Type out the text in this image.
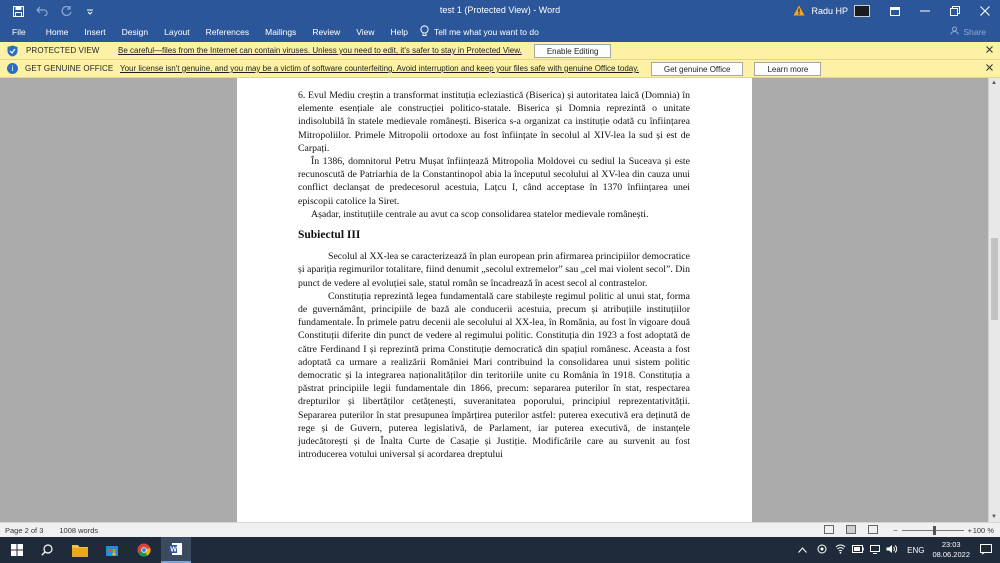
test 1 (Protected View) - Word	Radu HP
File	Home	Insert	Design	Layout	References	Mailings	Review	View	Help	Tell me what you want to do	Share
PROTECTED VIEW	Be careful—files from the Internet can contain viruses. Unless you need to edit, it's safer to stay in Protected View.	Enable Editing
i	GET GENUINE OFFICE Your license isn't genuine, and you may be a victim of software counterfeiting. Avoid interruption and keep your files safe with genuine Office today.	Get genuine Office	Learn more

6. Evul Mediu creștin a transformat instituția ecleziastică (Biserica) și autoritatea laică (Domnia) în elemente esențiale ale construcției politico-statale. Biserica și Domnia reprezintă o unitate indisolubilă în statele medievale românești. Biserica s-a organizat ca instituție odată cu înființarea Mitropoliilor. Primele Mitropolii ortodoxe au fost înființate în secolul al XIV-lea la sud și est de Carpați.

În 1386, domnitorul Petru Mușat înființează Mitropolia Moldovei cu sediul la Suceava și este recunoscută de Patriarhia de la Constantinopol abia la începutul secolului al XV-lea din cauza unui conflict declanșat de predecesorul acestuia, Lațcu I, când acceptase în 1370 înființarea unei episcopii catolice la Siret.

Așadar, instituțiile centrale au avut ca scop consolidarea statelor medievale românești.

Subiectul III

Secolul al XX-lea se caracterizează în plan european prin afirmarea principiilor democratice și apariția regimurilor totalitare, fiind denumit „secolul extremelor” sau „cel mai violent secol”. Din punct de vedere al evoluției sale, statul român se încadrează în acest secol al contrastelor.

Constituția reprezintă legea fundamentală care stabilește regimul politic al unui stat, forma de guvernământ, principiile de bază ale conducerii acestuia, precum și atribuțiile instituțiilor fundamentale. În primele patru decenii ale secolului al XX-lea, în România, au fost în vigoare două Constituții diferite din punct de vedere al regimului politic. Constituția din 1923 a fost adoptată de către Ferdinand I și reprezintă prima Constituție democratică din spațiul românesc. Aceasta a fost adoptată ca urmare a realizării României Mari contribuind la consolidarea unui sistem politic democratic și la integrarea naționalităților din teritoriile unite cu România în 1918. Constituția a păstrat principiile legii fundamentale din 1866, precum: separarea puterilor în stat, respectarea drepturilor și libertăților cetățenești, suveranitatea poporului, principiul reprezentativității. Separarea puterilor în stat presupunea împărțirea puterilor astfel: puterea executivă era deținută de rege și de Guvern, puterea legislativă, de Parlament, iar puterea executivă, de instanțele judecătorești și de Înalta Curte de Casație și Justiție. Modificările care au survenit au fost introducerea votului universal și acordarea dreptului

▲
▼
Page 2 of 3 1008 words	−	+ 100 %
W	ENG
23:03
08.06.2022
